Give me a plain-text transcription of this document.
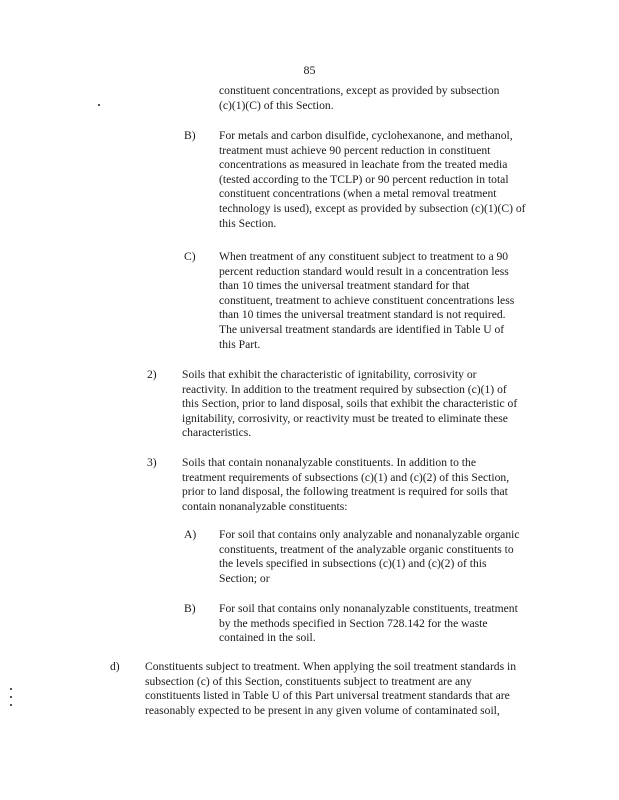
85

constituent concentrations, except as provided by subsection

(c)(1)(C) of this Section.

B) For metals and carbon disulfide, cyclohexanone, and methanol,

treatment must achieve 90 percent reduction in constituent

concentrations as measured in leachate from the treated media

(tested according to the TCLP) or 90 percent reduction in total

constituent concentrations (when a metal removal treatment

technology is used), except as provided by subsection (c)(1)(C) of

this Section.

C) When treatment of any constituent subject to treatment to a 90

percent reduction standard would result in a concentration less

than 10 times the universal treatment standard for that

constituent, treatment to achieve constituent concentrations less

than 10 times the universal treatment standard is not required.

The universal treatment standards are identified in Table U of

this Part.

2) Soils that exhibit the characteristic of ignitability, corrosivity or

reactivity. In addition to the treatment required by subsection (c)(1) of

this Section, prior to land disposal, soils that exhibit the characteristic of

ignitability, corrosivity, or reactivity must be treated to eliminate these

characteristics.

3) Soils that contain nonanalyzable constituents. In addition to the

treatment requirements of subsections (c)(1) and (c)(2) of this Section,

prior to land disposal, the following treatment is required for soils that

contain nonanalyzable constituents:

A) For soil that contains only analyzable and nonanalyzable organic

constituents, treatment of the analyzable organic constituents to

the levels specified in subsections (c)(1) and (c)(2) of this

Section; or

B) For soil that contains only nonanalyzable constituents, treatment

by the methods specified in Section 728.142 for the waste

contained in the soil.

d) Constituents subject to treatment. When applying the soil treatment standards in

subsection (c) of this Section, constituents subject to treatment are any

constituents listed in Table U of this Part universal treatment standards that are

reasonably expected to be present in any given volume of contaminated soil,
